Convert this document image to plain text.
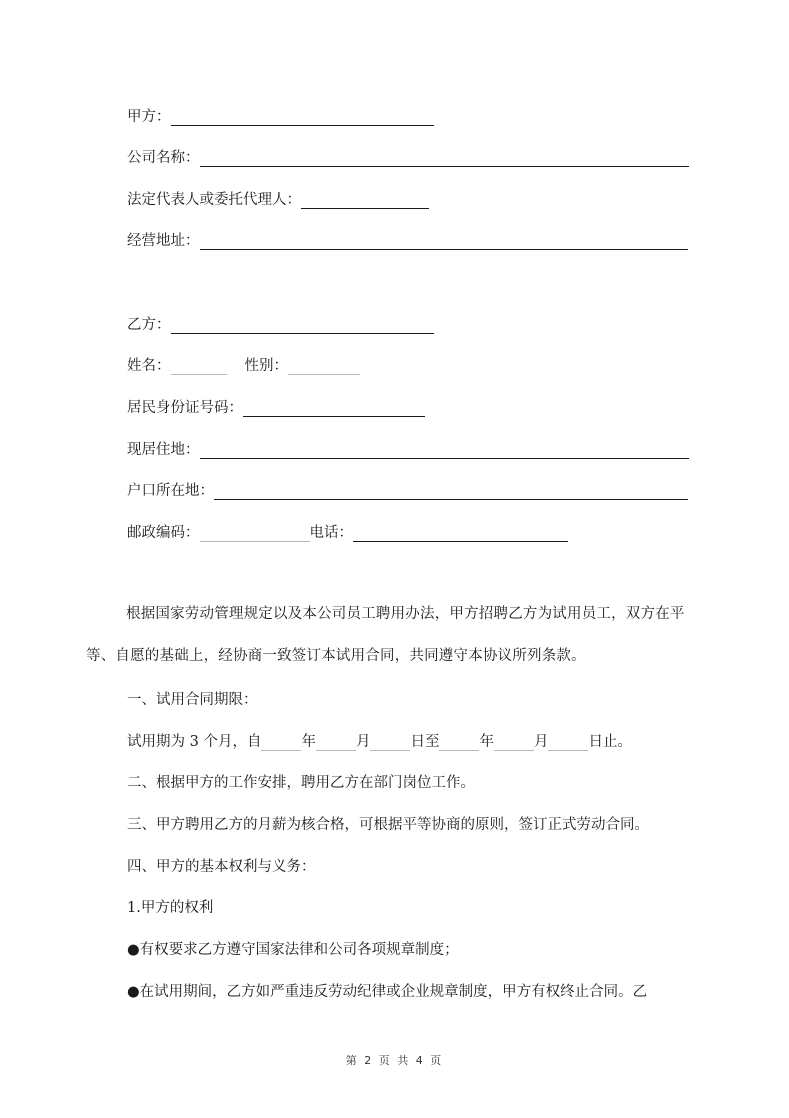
甲方：
公司名称：
法定代表人或委托代理人：
经营地址：
乙方：
姓名：	性别：
居民身份证号码：
现居住地：
户口所在地：
邮政编码：	电话：
根据国家劳动管理规定以及本公司员工聘用办法，甲方招聘乙方为试用员工，双方在平等、自愿的基础上，经协商一致签订本试用合同，共同遵守本协议所列条款。
一、试用合同期限：
试用期为 3 个月，自	年	月	日至	年	月	日止。
二、根据甲方的工作安排，聘用乙方在部门岗位工作。
三、甲方聘用乙方的月薪为核合格，可根据平等协商的原则，签订正式劳动合同。
四、甲方的基本权利与义务：
1.甲方的权利
●有权要求乙方遵守国家法律和公司各项规章制度；
●在试用期间，乙方如严重违反劳动纪律或企业规章制度，甲方有权终止合同。乙
第 2 页 共 4 页
